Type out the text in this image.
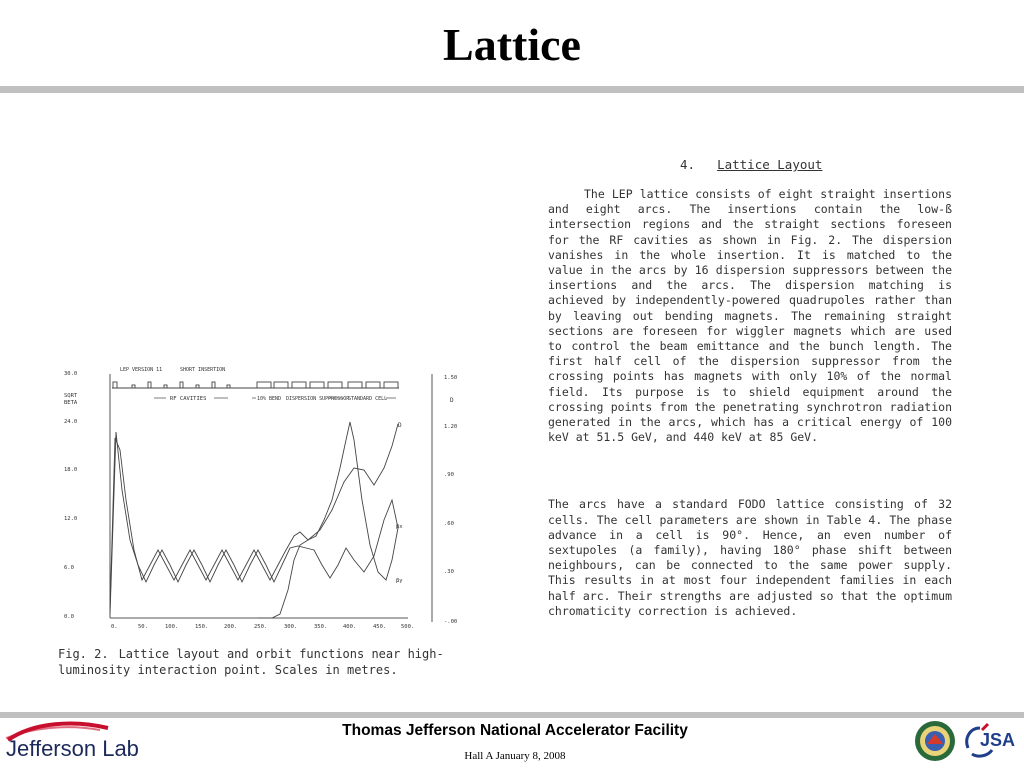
Lattice
LEP VERSION 11	SHORT INSERTION
RF CAVITIES	10% BEND DISPERSION SUPPRESSOR
STANDARD CELL
SQRT
BETA	D
30.0
24.0
18.0
12.0
6.0
0.0
1.50
1.20
.90
.60
.30
-.00
0.	50.	100.	150.	200.	250.	300.	350.	400.	450.	500.
D
βx
βy
Fig. 2. Lattice layout and orbit functions near high-luminosity interaction point. Scales in metres.
4. Lattice Layout

The LEP lattice consists of eight straight insertions and eight arcs. The insertions contain the low-ß intersection regions and the straight sections foreseen for the RF cavities as shown in Fig. 2. The dispersion vanishes in the whole insertion. It is matched to the value in the arcs by 16 dispersion suppressors between the insertions and the arcs. The dispersion matching is achieved by independently-powered quadrupoles rather than by leaving out bending magnets. The remaining straight sections are foreseen for wiggler magnets which are used to control the beam emittance and the bunch length. The first half cell of the dispersion suppressor from the crossing points has magnets with only 10% of the normal field. Its purpose is to shield equipment around the crossing points from the penetrating synchrotron radiation generated in the arcs, which has a critical energy of 100 keV at 51.5 GeV, and 440 keV at 85 GeV.

The arcs have a standard FODO lattice consisting of 32 cells. The cell parameters are shown in Table 4. The phase advance in a cell is 90°. Hence, an even number of sextupoles (a family), having 180° phase shift between neighbours, can be connected to the same power supply. This results in at most four independent families in each half arc. Their strengths are adjusted so that the optimum chromaticity correction is achieved.

Jefferson Lab
Thomas Jefferson National Accelerator Facility
Hall A January 8, 2008
JSA
